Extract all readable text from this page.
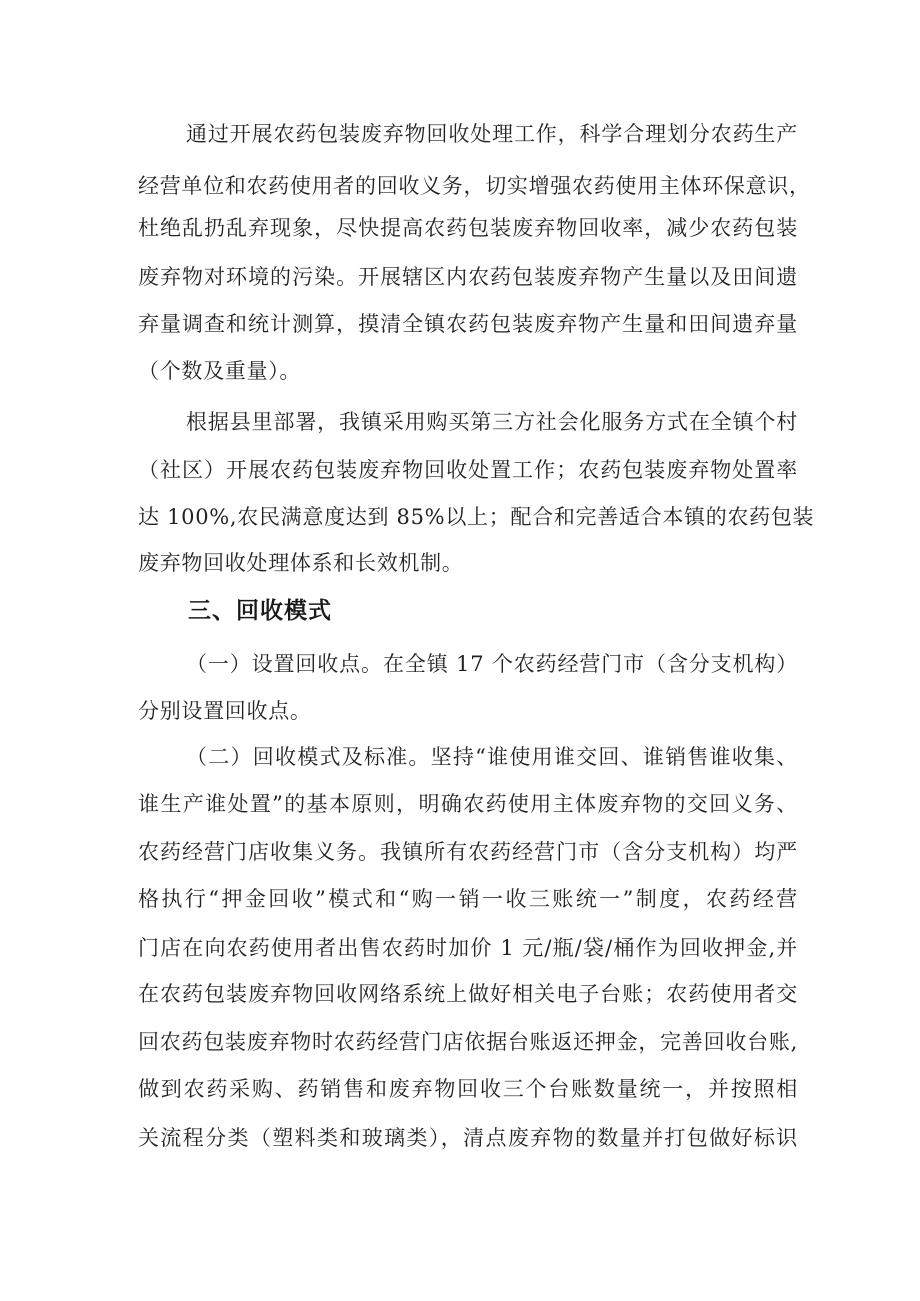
通过开展农药包装废弃物回收处理工作，科学合理划分农药生产
经营单位和农药使用者的回收义务，切实增强农药使用主体环保意识，
杜绝乱扔乱弃现象，尽快提高农药包装废弃物回收率，减少农药包装
废弃物对环境的污染。开展辖区内农药包装废弃物产生量以及田间遗
弃量调查和统计测算，摸清全镇农药包装废弃物产生量和田间遗弃量
（个数及重量）。
根据县里部署，我镇采用购买第三方社会化服务方式在全镇个村
（社区）开展农药包装废弃物回收处置工作；农药包装废弃物处置率
达 100%,农民满意度达到 85%以上；配合和完善适合本镇的农药包装
废弃物回收处理体系和长效机制。
三、回收模式
（一）设置回收点。在全镇 17 个农药经营门市（含分支机构）
分别设置回收点。
（二）回收模式及标准。坚持“谁使用谁交回、谁销售谁收集、
谁生产谁处置”的基本原则，明确农药使用主体废弃物的交回义务、
农药经营门店收集义务。我镇所有农药经营门市（含分支机构）均严
格执行“押金回收”模式和“购一销一收三账统一”制度，农药经营
门店在向农药使用者出售农药时加价 1 元/瓶/袋/桶作为回收押金,并
在农药包装废弃物回收网络系统上做好相关电子台账；农药使用者交
回农药包装废弃物时农药经营门店依据台账返还押金，完善回收台账,
做到农药采购、药销售和废弃物回收三个台账数量统一，并按照相
关流程分类（塑料类和玻璃类），清点废弃物的数量并打包做好标识
